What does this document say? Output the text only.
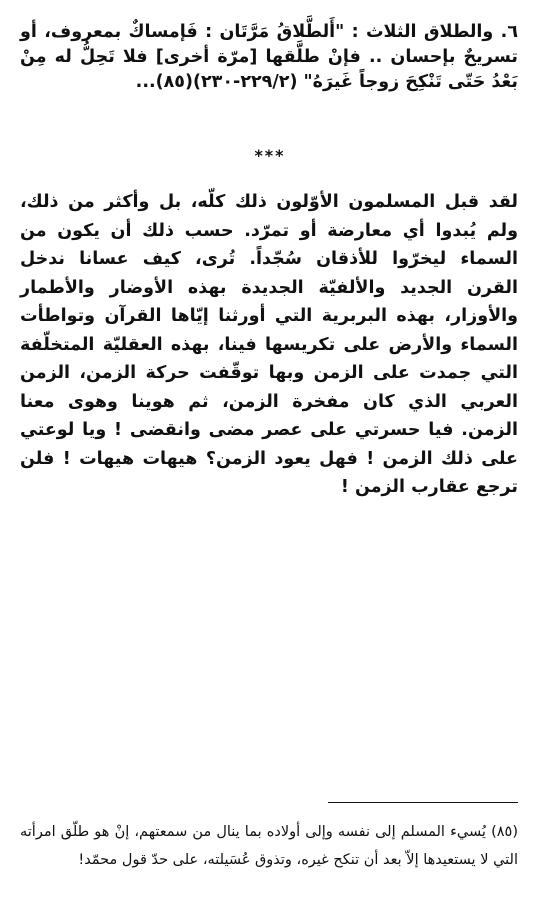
٦. والطلاق الثلاث : "أَلطَّلاقُ مَرَّتَان : فَإمساكٌ بمعروف، أو تسريحٌ بإحسان .. فإنْ طلَّقها [مرّة أخرى] فلا تَحِلُّ له مِنْ بَعْدُ حَتّى تَنْكِحَ زوجاً غَيرَهُ" (٢٢٩/٢-٢٣٠)(٨٥)...

***

لقد قبل المسلمون الأوّلون ذلك كلّه، بل وأكثر من ذلك، ولم يُبدوا أي معارضة أو تمرّد. حسب ذلك أن يكون من السماء ليخرّوا للأذقان سُجّداً. تُرى، كيف عسانا ندخل القرن الجديد والألفيّة الجديدة بهذه الأوضار والأطمار والأوزار، بهذه البربرية التي أورثنا إيّاها القرآن وتواطأت السماء والأرض على تكريسها فينا، بهذه العقليّة المتخلّفة التي جمدت على الزمن وبها توقّفت حركة الزمن، الزمن العربي الذي كان مفخرة الزمن، ثم هوينا وهوى معنا الزمن. فيا حسرتي على عصر مضى وانقضى ! ويا لوعتي على ذلك الزمن ! فهل يعود الزمن؟ هيهات هيهات ! فلن ترجع عقارب الزمن !

(٨٥) يُسيء المسلم إلى نفسه وإلى أولاده بما ينال من سمعتهم، إنْ هو طلّق امرأته التي لا يستعيدها إلاّ بعد أن تنكح غيره، وتذوق عُسَيلته، على حدّ قول محمّد!
